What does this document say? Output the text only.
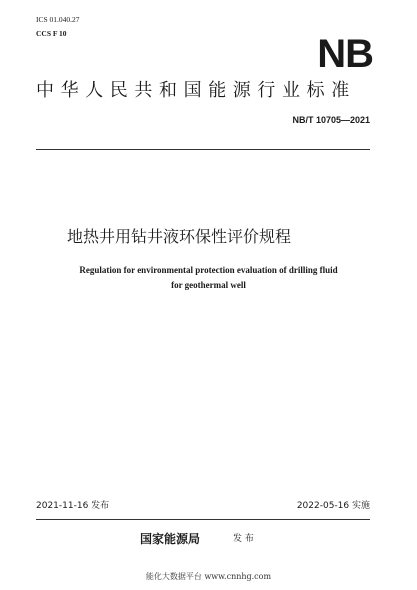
ICS 01.040.27
CCS F 10	NB
中华人民共和国能源行业标准
NB/T 10705—2021
地热井用钻井液环保性评价规程
Regulation for environmental protection evaluation of drilling fluid
for geothermal well
2021-11-16 发布	2022-05-16 实施
国家能源局	发 布
能化大数据平台 www.cnnhg.com
